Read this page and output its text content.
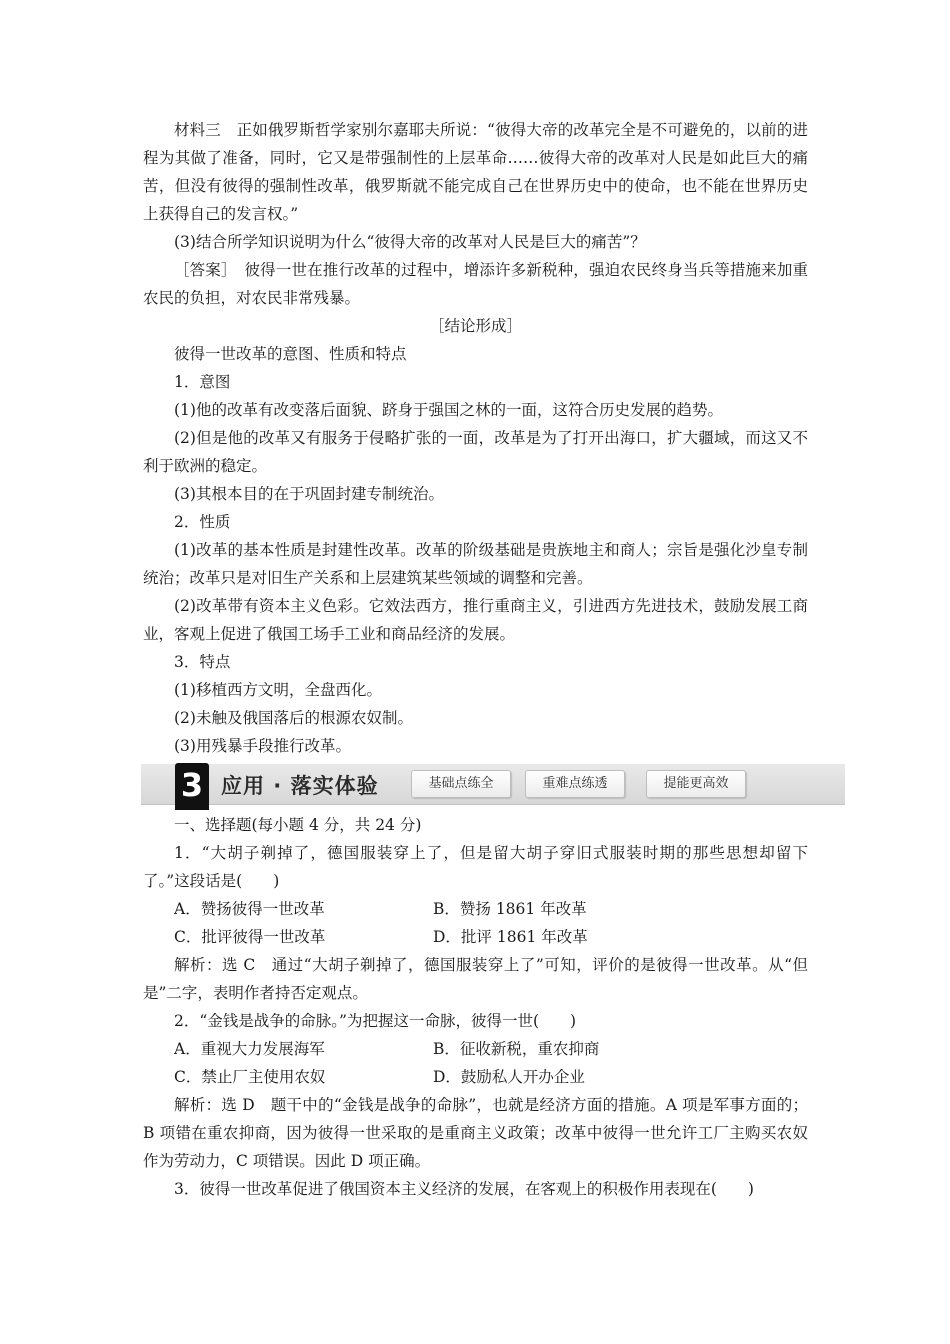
材料三　正如俄罗斯哲学家别尔嘉耶夫所说：“彼得大帝的改革完全是不可避免的，以前的进程为其做了准备，同时，它又是带强制性的上层革命……彼得大帝的改革对人民是如此巨大的痛苦，但没有彼得的强制性改革，俄罗斯就不能完成自己在世界历史中的使命，也不能在世界历史上获得自己的发言权。”

(3)结合所学知识说明为什么“彼得大帝的改革对人民是巨大的痛苦”？

［答案］　彼得一世在推行改革的过程中，增添许多新税种，强迫农民终身当兵等措施来加重农民的负担，对农民非常残暴。

［结论形成］

彼得一世改革的意图、性质和特点

1．意图

(1)他的改革有改变落后面貌、跻身于强国之林的一面，这符合历史发展的趋势。

(2)但是他的改革又有服务于侵略扩张的一面，改革是为了打开出海口，扩大疆域，而这又不利于欧洲的稳定。

(3)其根本目的在于巩固封建专制统治。

2．性质

(1)改革的基本性质是封建性改革。改革的阶级基础是贵族地主和商人；宗旨是强化沙皇专制统治；改革只是对旧生产关系和上层建筑某些领域的调整和完善。

(2)改革带有资本主义色彩。它效法西方，推行重商主义，引进西方先进技术，鼓励发展工商业，客观上促进了俄国工场手工业和商品经济的发展。

3．特点

(1)移植西方文明，全盘西化。

(2)未触及俄国落后的根源农奴制。

(3)用残暴手段推行改革。

3 应用 · 落实体验	基础点练全	重难点练透	提能更高效

一、选择题(每小题 4 分，共 24 分)

1．“大胡子剃掉了，德国服装穿上了，但是留大胡子穿旧式服装时期的那些思想却留下了。”这段话是(　　)

A．赞扬彼得一世改革	B．赞扬 1861 年改革
C．批评彼得一世改革	D．批评 1861 年改革

解析：选 C　通过“大胡子剃掉了，德国服装穿上了”可知，评价的是彼得一世改革。从“但是”二字，表明作者持否定观点。

2．“金钱是战争的命脉。”为把握这一命脉，彼得一世(　　)

A．重视大力发展海军	B．征收新税，重农抑商
C．禁止厂主使用农奴	D．鼓励私人开办企业

解析：选 D　题干中的“金钱是战争的命脉”，也就是经济方面的措施。A 项是军事方面的；B 项错在重农抑商，因为彼得一世采取的是重商主义政策；改革中彼得一世允许工厂主购买农奴作为劳动力，C 项错误。因此 D 项正确。

3．彼得一世改革促进了俄国资本主义经济的发展，在客观上的积极作用表现在(　　)
